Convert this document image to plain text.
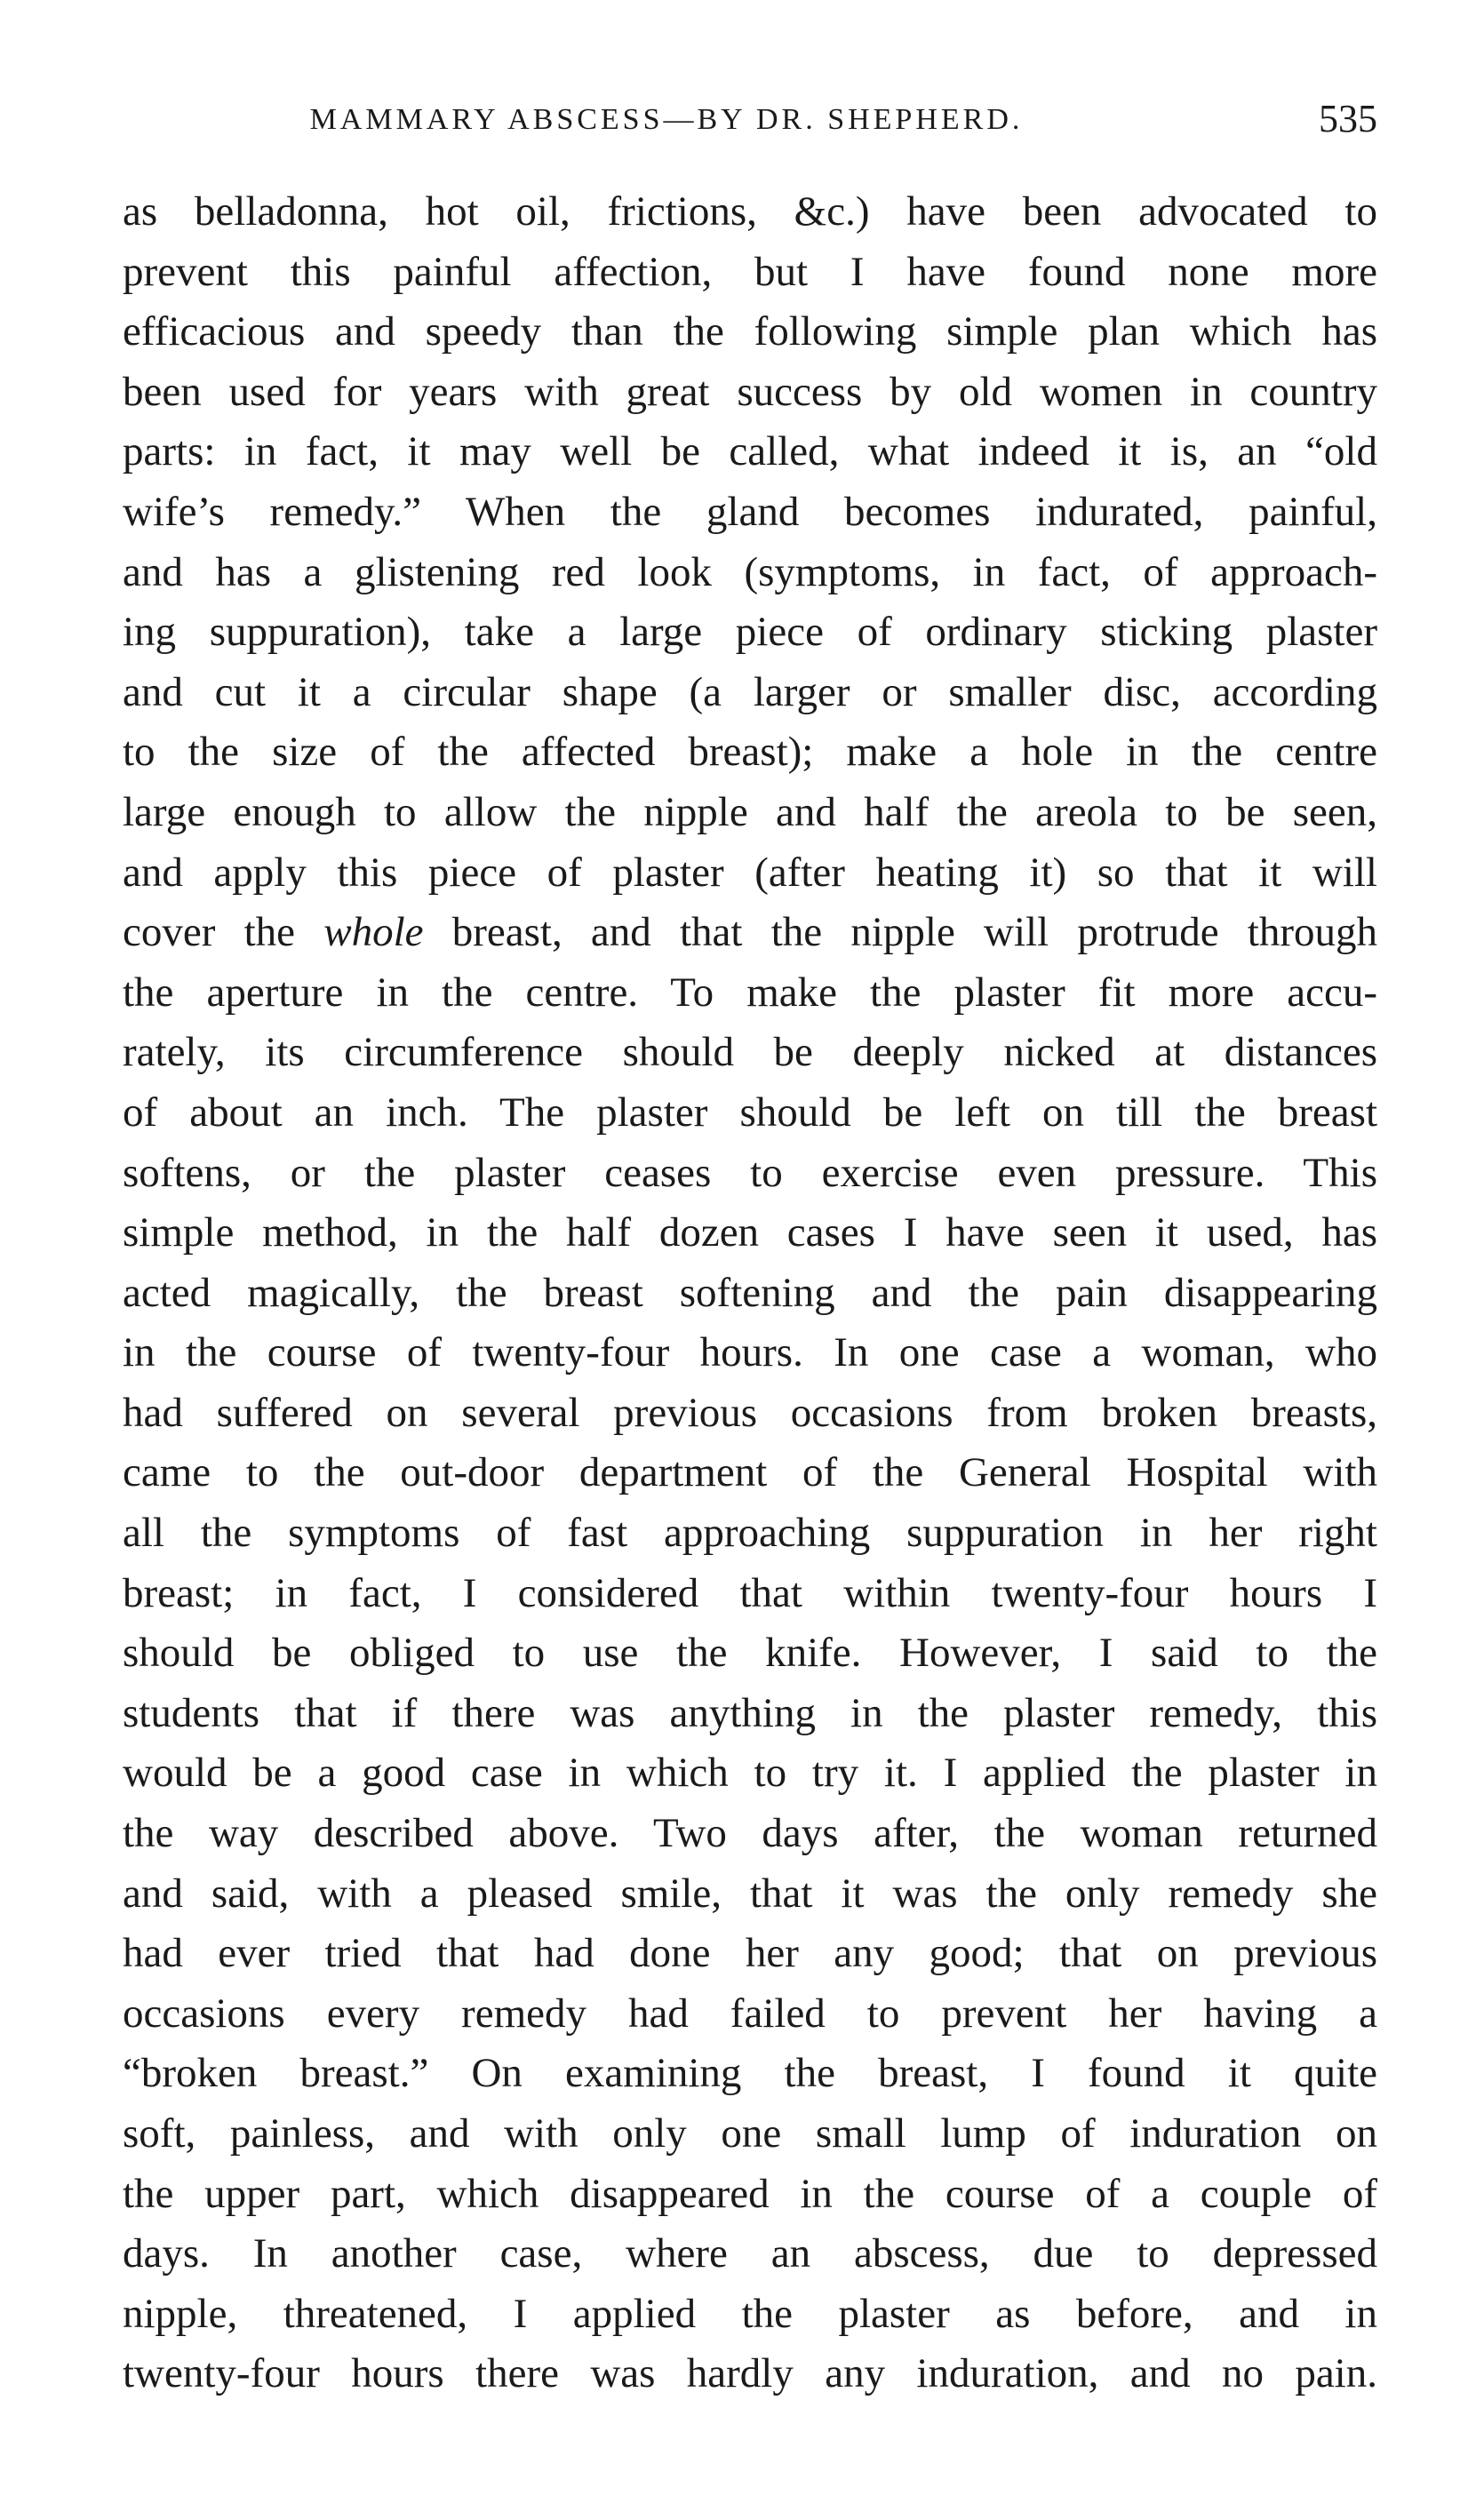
MAMMARY ABSCESS—BY DR. SHEPHERD.	535
as belladonna, hot oil, frictions, &c.) have been advocated to
prevent this painful affection, but I have found none more
efficacious and speedy than the following simple plan which has
been used for years with great success by old women in country
parts: in fact, it may well be called, what indeed it is, an “old
wife’s remedy.” When the gland becomes indurated, painful,
and has a glistening red look (symptoms, in fact, of approach-
ing suppuration), take a large piece of ordinary sticking plaster
and cut it a circular shape (a larger or smaller disc, according
to the size of the affected breast); make a hole in the centre
large enough to allow the nipple and half the areola to be seen,
and apply this piece of plaster (after heating it) so that it will
cover the whole breast, and that the nipple will protrude through
the aperture in the centre. To make the plaster fit more accu-
rately, its circumference should be deeply nicked at distances
of about an inch. The plaster should be left on till the breast
softens, or the plaster ceases to exercise even pressure. This
simple method, in the half dozen cases I have seen it used, has
acted magically, the breast softening and the pain disappearing
in the course of twenty-four hours. In one case a woman, who
had suffered on several previous occasions from broken breasts,
came to the out-door department of the General Hospital with
all the symptoms of fast approaching suppuration in her right
breast; in fact, I considered that within twenty-four hours I
should be obliged to use the knife. However, I said to the
students that if there was anything in the plaster remedy, this
would be a good case in which to try it. I applied the plaster in
the way described above. Two days after, the woman returned
and said, with a pleased smile, that it was the only remedy she
had ever tried that had done her any good; that on previous
occasions every remedy had failed to prevent her having a
“broken breast.” On examining the breast, I found it quite
soft, painless, and with only one small lump of induration on
the upper part, which disappeared in the course of a couple of
days. In another case, where an abscess, due to depressed
nipple, threatened, I applied the plaster as before, and in
twenty-four hours there was hardly any induration, and no pain.
